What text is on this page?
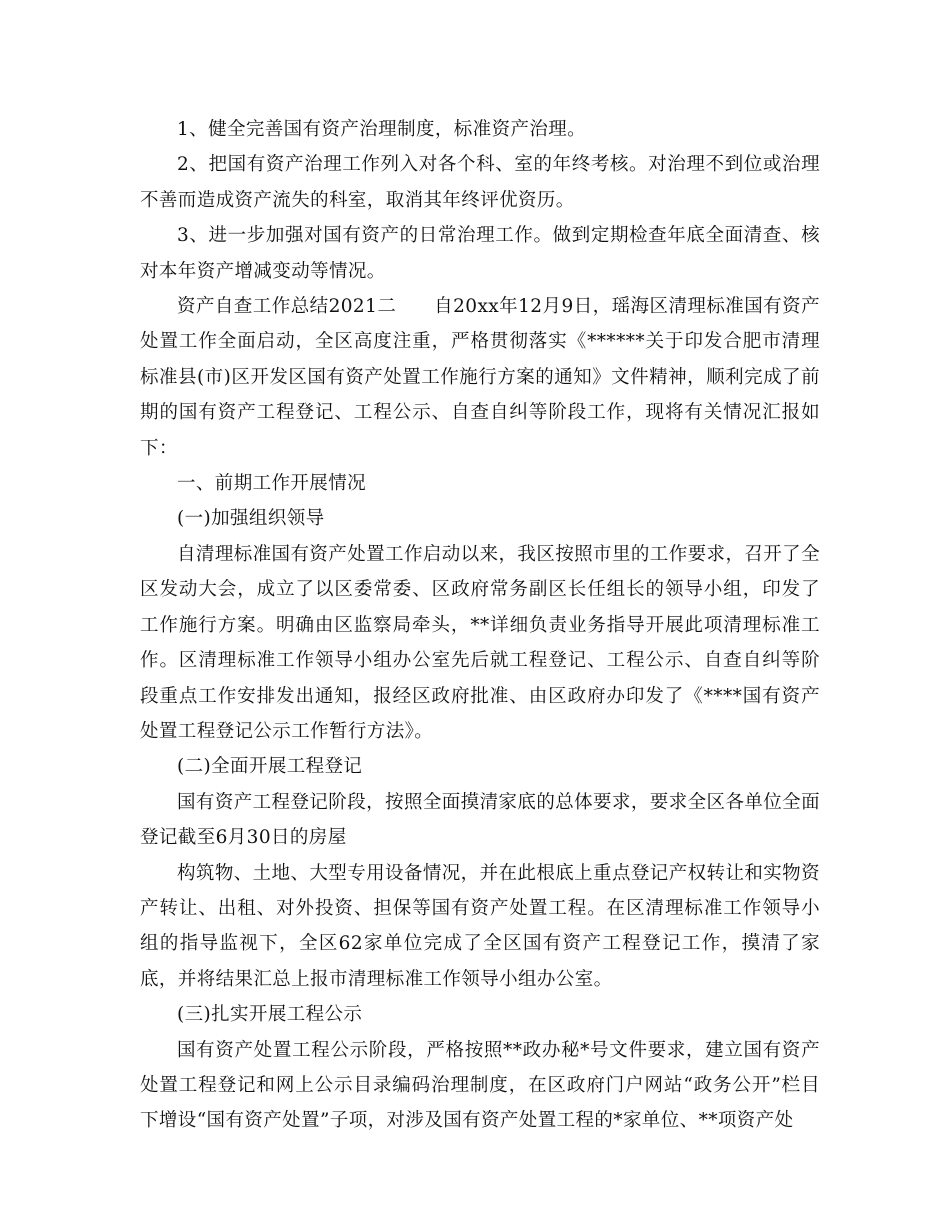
1、健全完善国有资产治理制度，标准资产治理。

2、把国有资产治理工作列入对各个科、室的年终考核。对治理不到位或治理不善而造成资产流失的科室，取消其年终评优资历。

3、进一步加强对国有资产的日常治理工作。做到定期检查年底全面清查、核对本年资产增减变动等情况。

资产自查工作总结2021二　　自20xx年12月9日，瑶海区清理标准国有资产处置工作全面启动，全区高度注重，严格贯彻落实《******关于印发合肥市清理标准县(市)区开发区国有资产处置工作施行方案的通知》文件精神，顺利完成了前期的国有资产工程登记、工程公示、自查自纠等阶段工作，现将有关情况汇报如下：

一、前期工作开展情况

(一)加强组织领导

自清理标准国有资产处置工作启动以来，我区按照市里的工作要求，召开了全区发动大会，成立了以区委常委、区政府常务副区长任组长的领导小组，印发了工作施行方案。明确由区监察局牵头，**详细负责业务指导开展此项清理标准工作。区清理标准工作领导小组办公室先后就工程登记、工程公示、自查自纠等阶段重点工作安排发出通知，报经区政府批准、由区政府办印发了《****国有资产处置工程登记公示工作暂行方法》。

(二)全面开展工程登记

国有资产工程登记阶段，按照全面摸清家底的总体要求，要求全区各单位全面登记截至6月30日的房屋

构筑物、土地、大型专用设备情况，并在此根底上重点登记产权转让和实物资产转让、出租、对外投资、担保等国有资产处置工程。在区清理标准工作领导小组的指导监视下，全区62家单位完成了全区国有资产工程登记工作，摸清了家底，并将结果汇总上报市清理标准工作领导小组办公室。

(三)扎实开展工程公示

国有资产处置工程公示阶段，严格按照**政办秘*号文件要求，建立国有资产处置工程登记和网上公示目录编码治理制度，在区政府门户网站“政务公开”栏目下增设“国有资产处置”子项，对涉及国有资产处置工程的*家单位、**项资产处
